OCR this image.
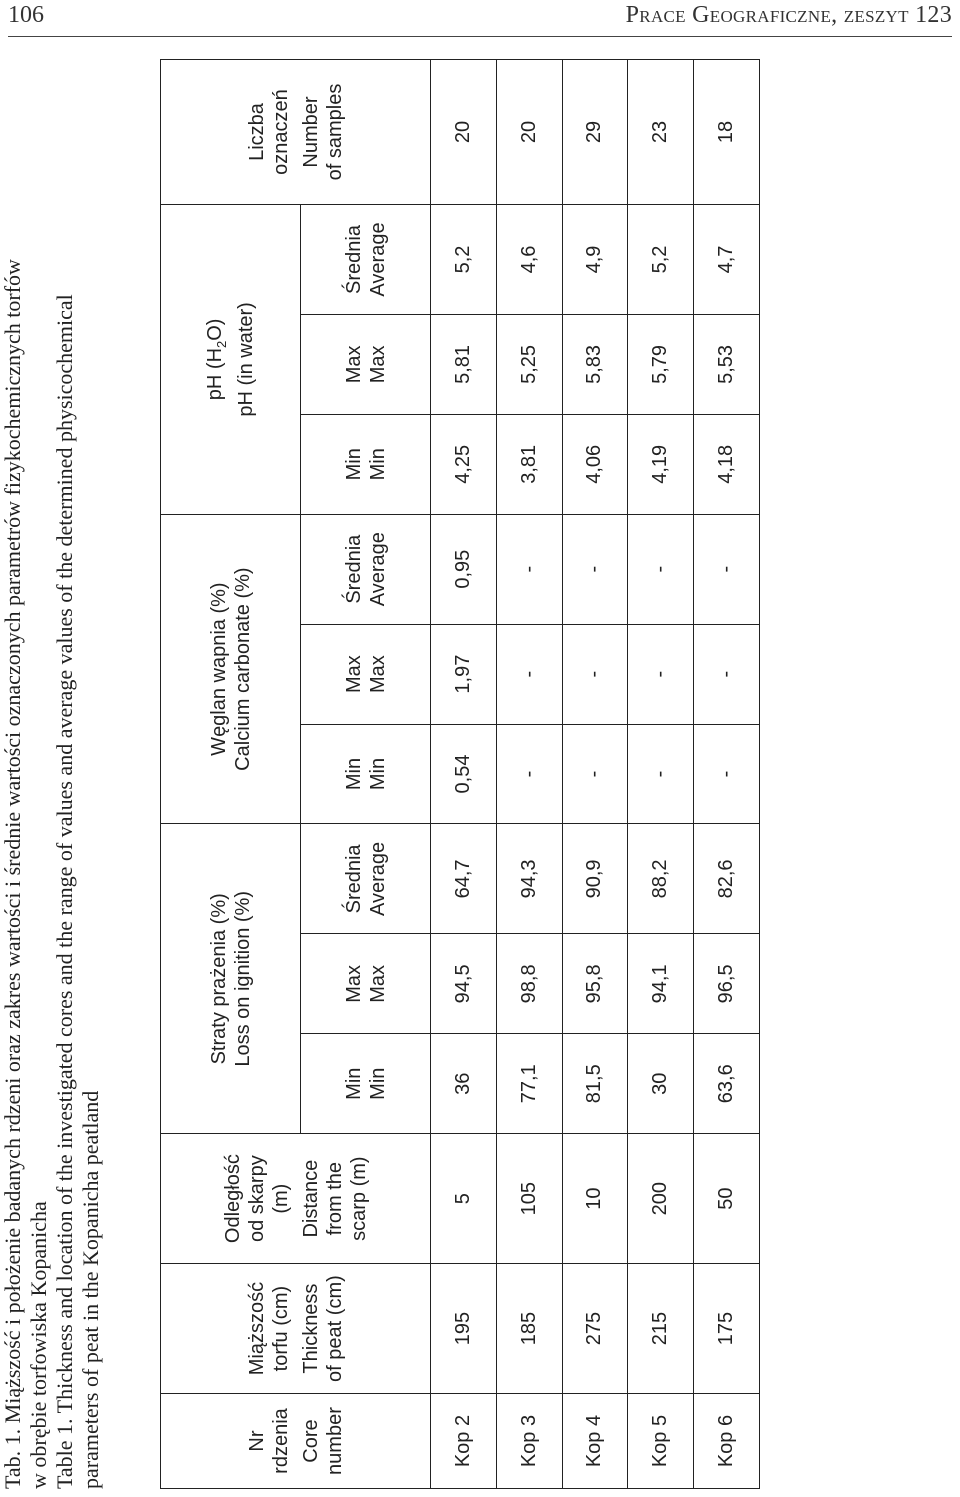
106	Prace Geograficzne, zeszyt 123

Tab. 1. Miąższość i położenie badanych rdzeni oraz zakres wartości i średnie wartości oznaczonych parametrów fizykochemicznych torfów w obrębie torfowiska Kopanicha Table 1. Thickness and location of the investigated cores and the range of values and average values of the determined physicochemical parameters of peat in the Kopanicha peatland	Nr rdzenia Core number	Miąższość torfu (cm) Thickness of peat (cm)	Odległość od skarpy (m) Distance from the scarp (m)	Straty prażenia (%) Loss on ignition (%)			Węglan wapnia (%) Calcium carbonate (%)			pH $(H_2O)$ pH (in water)			Liczba oznaczeń Number of samples

			Min Min	Max Max	Średnia Average	Min Min	Max Max	Średnia Average	Min Min	Max Max	Średnia Average	

Kop 2	195	5	36	94,5	64,7	0,54	1,97	0,95	4,25	5,81	5,2	20
Kop 3	185	105	77,1	98,8	94,3	-	-	-	3,81	5,25	4,6	20
Kop 4	275	10	81,5	95,8	90,9	-	-	-	4,06	5,83	4,9	29
Kop 5	215	200	30	94,1	88,2	-	-	-	4,19	5,79	5,2	23
Kop 6	175	50	63,6	96,5	82,6	-	-	-	4,18	5,53	4,7	18
